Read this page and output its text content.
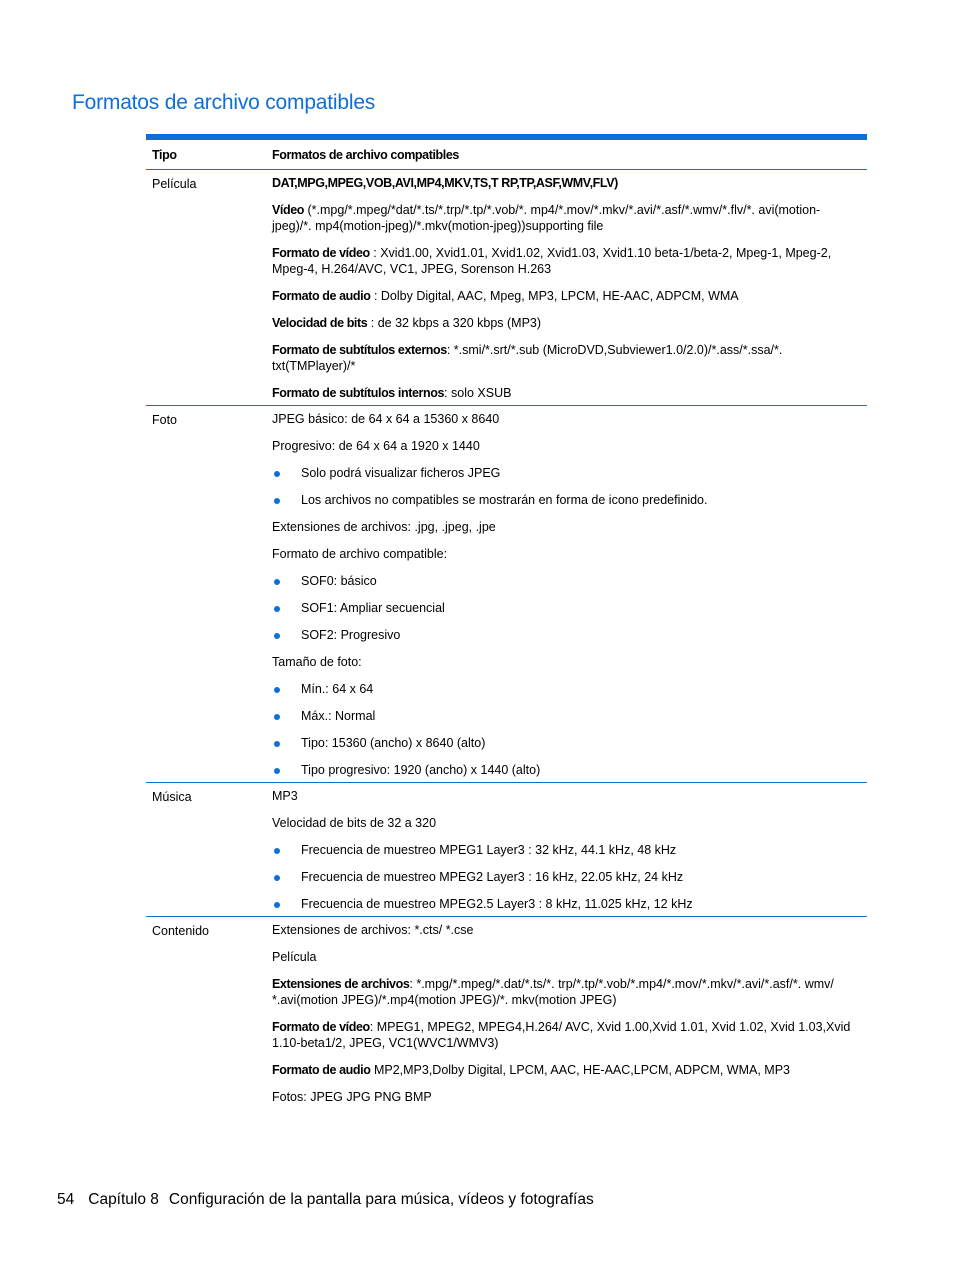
Formatos de archivo compatibles
Tipo	Formatos de archivo compatibles
Película	DAT,MPG,MPEG,VOB,AVI,MP4,MKV,TS,T RP,TP,ASF,WMV,FLV)

Vídeo (*.mpg/*.mpeg/*dat/*.ts/*.trp/*.tp/*.vob/*. mp4/*.mov/*.mkv/*.avi/*.asf/*.wmv/*.flv/*. avi(motion-jpeg)/*. mp4(motion-jpeg)/*.mkv(motion-jpeg))supporting file

Formato de vídeo : Xvid1.00, Xvid1.01, Xvid1.02, Xvid1.03, Xvid1.10 beta-1/beta-2, Mpeg-1, Mpeg-2, Mpeg-4, H.264/AVC, VC1, JPEG, Sorenson H.263

Formato de audio : Dolby Digital, AAC, Mpeg, MP3, LPCM, HE-AAC, ADPCM, WMA

Velocidad de bits : de 32 kbps a 320 kbps (MP3)

Formato de subtítulos externos: *.smi/*.srt/*.sub (MicroDVD,Subviewer1.0/2.0)/*.ass/*.ssa/*. txt(TMPlayer)/*

Formato de subtítulos internos: solo XSUB

Foto	JPEG básico: de 64 x 64 a 15360 x 8640

Progresivo: de 64 x 64 a 1920 x 1440

Solo podrá visualizar ficheros JPEG
Los archivos no compatibles se mostrarán en forma de icono predefinido.

Extensiones de archivos: .jpg, .jpeg, .jpe

Formato de archivo compatible:

SOF0: básico
SOF1: Ampliar secuencial
SOF2: Progresivo

Tamaño de foto:

Mín.: 64 x 64
Máx.: Normal
Tipo: 15360 (ancho) x 8640 (alto)
Tipo progresivo: 1920 (ancho) x 1440 (alto)
Música	MP3

Velocidad de bits de 32 a 320

Frecuencia de muestreo MPEG1 Layer3 : 32 kHz, 44.1 kHz, 48 kHz
Frecuencia de muestreo MPEG2 Layer3 : 16 kHz, 22.05 kHz, 24 kHz
Frecuencia de muestreo MPEG2.5 Layer3 : 8 kHz, 11.025 kHz, 12 kHz
Contenido	Extensiones de archivos: *.cts/ *.cse

Película

Extensiones de archivos: *.mpg/*.mpeg/*.dat/*.ts/*. trp/*.tp/*.vob/*.mp4/*.mov/*.mkv/*.avi/*.asf/*. wmv/ *.avi(motion JPEG)/*.mp4(motion JPEG)/*. mkv(motion JPEG)

Formato de vídeo: MPEG1, MPEG2, MPEG4,H.264/ AVC, Xvid 1.00,Xvid 1.01, Xvid 1.02, Xvid 1.03,Xvid 1.10-beta1/2, JPEG, VC1(WVC1/WMV3)

Formato de audio MP2,MP3,Dolby Digital, LPCM, AAC, HE-AAC,LPCM, ADPCM, WMA, MP3

Fotos: JPEG JPG PNG BMP

54 Capítulo 8 Configuración de la pantalla para música, vídeos y fotografías
